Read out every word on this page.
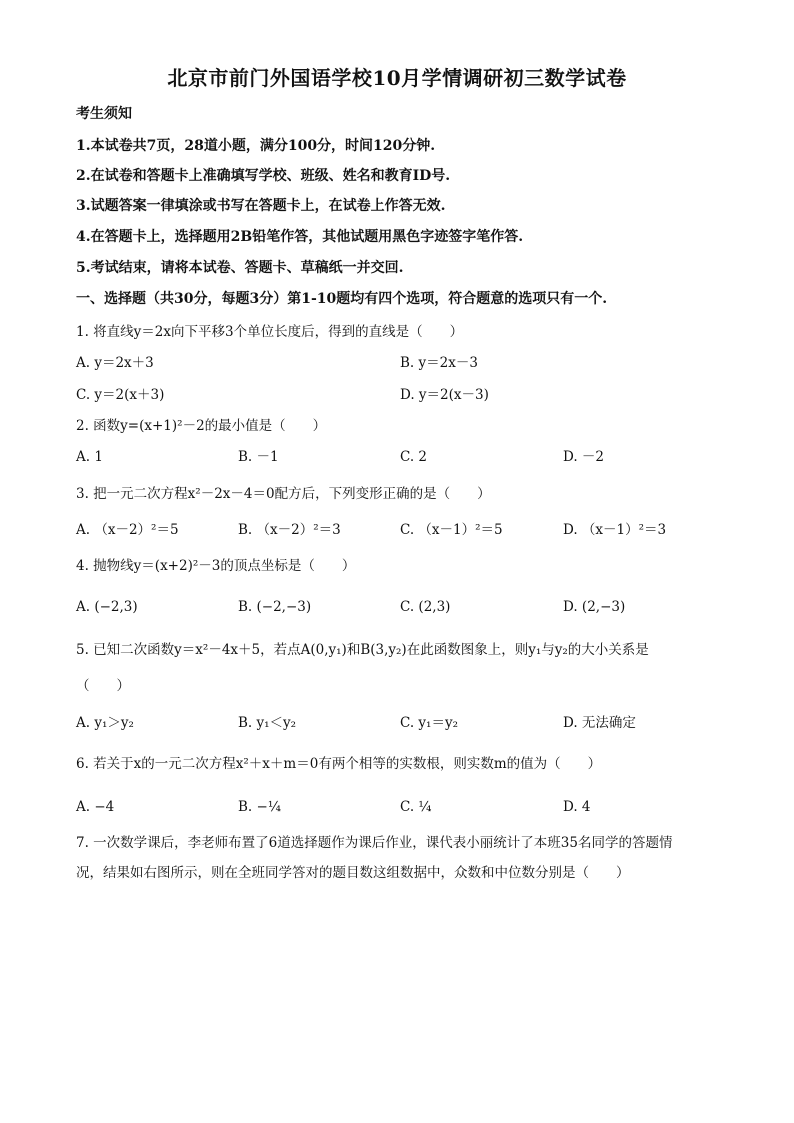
北京市前门外国语学校10月学情调研初三数学试卷
考生须知
1.本试卷共7页，28道小题，满分100分，时间120分钟.
2.在试卷和答题卡上准确填写学校、班级、姓名和教育ID号.
3.试题答案一律填涂或书写在答题卡上，在试卷上作答无效.
4.在答题卡上，选择题用2B铅笔作答，其他试题用黑色字迹签字笔作答.
5.考试结束，请将本试卷、答题卡、草稿纸一并交回.
一、选择题（共30分，每题3分）第1-10题均有四个选项，符合题意的选项只有一个.
1. 将直线y＝2x向下平移3个单位长度后，得到的直线是（　　）
A. y＝2x＋3	B. y＝2x－3
C. y＝2(x＋3)	D. y＝2(x－3)
2. 函数y=(x+1)²－2的最小值是（　　）
A. 1	B. －1	C. 2	D. －2
3. 把一元二次方程x²－2x－4＝0配方后，下列变形正确的是（　　）
A. （x－2）²＝5	B. （x－2）²＝3	C. （x－1）²＝5	D. （x－1）²＝3
4. 抛物线y＝(x+2)²－3的顶点坐标是（　　）
A. (−2,3)	B. (−2,−3)	C. (2,3)	D. (2,−3)
5. 已知二次函数y＝x²－4x＋5，若点A(0,y₁)和B(3,y₂)在此函数图象上，则y₁与y₂的大小关系是
（　　）
A. y₁＞y₂	B. y₁＜y₂	C. y₁＝y₂	D. 无法确定
6. 若关于x的一元二次方程x²＋x＋m＝0有两个相等的实数根，则实数m的值为（　　）
A. −4	B. −¼	C. ¼	D. 4
7. 一次数学课后，李老师布置了6道选择题作为课后作业，课代表小丽统计了本班35名同学的答题情
况，结果如右图所示，则在全班同学答对的题目数这组数据中，众数和中位数分别是（　　）
